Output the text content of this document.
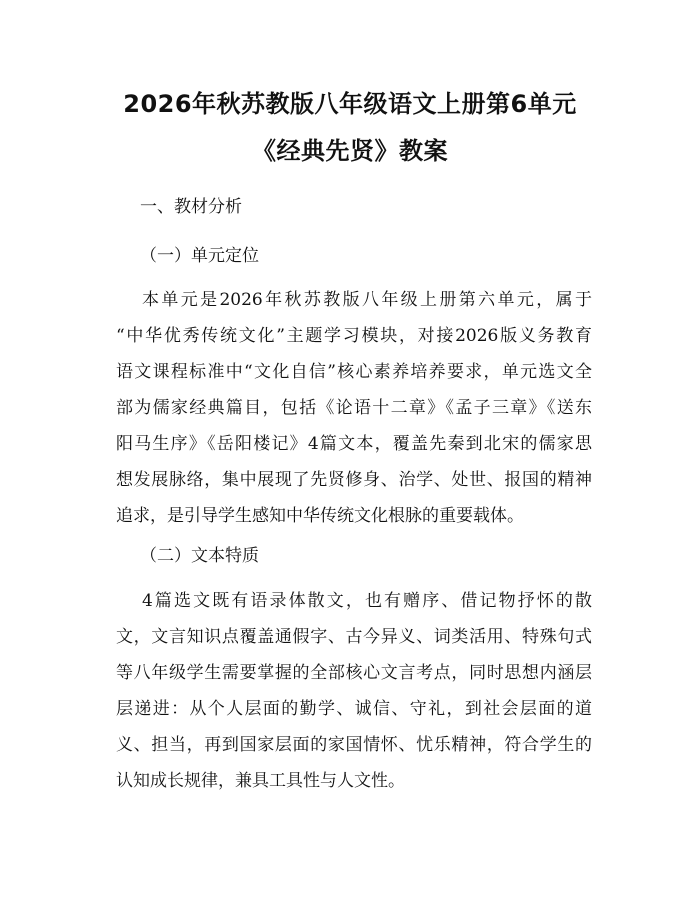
2026年秋苏教版八年级语文上册第6单元
《经典先贤》教案
一、教材分析
（一）单元定位
本单元是2026年秋苏教版八年级上册第六单元，属于
“中华优秀传统文化”主题学习模块，对接2026版义务教育
语文课程标准中“文化自信”核心素养培养要求，单元选文全
部为儒家经典篇目，包括《论语十二章》《孟子三章》《送东
阳马生序》《岳阳楼记》4篇文本，覆盖先秦到北宋的儒家思
想发展脉络，集中展现了先贤修身、治学、处世、报国的精神
追求，是引导学生感知中华传统文化根脉的重要载体。
（二）文本特质
4篇选文既有语录体散文，也有赠序、借记物抒怀的散
文，文言知识点覆盖通假字、古今异义、词类活用、特殊句式
等八年级学生需要掌握的全部核心文言考点，同时思想内涵层
层递进：从个人层面的勤学、诚信、守礼，到社会层面的道
义、担当，再到国家层面的家国情怀、忧乐精神，符合学生的
认知成长规律，兼具工具性与人文性。
